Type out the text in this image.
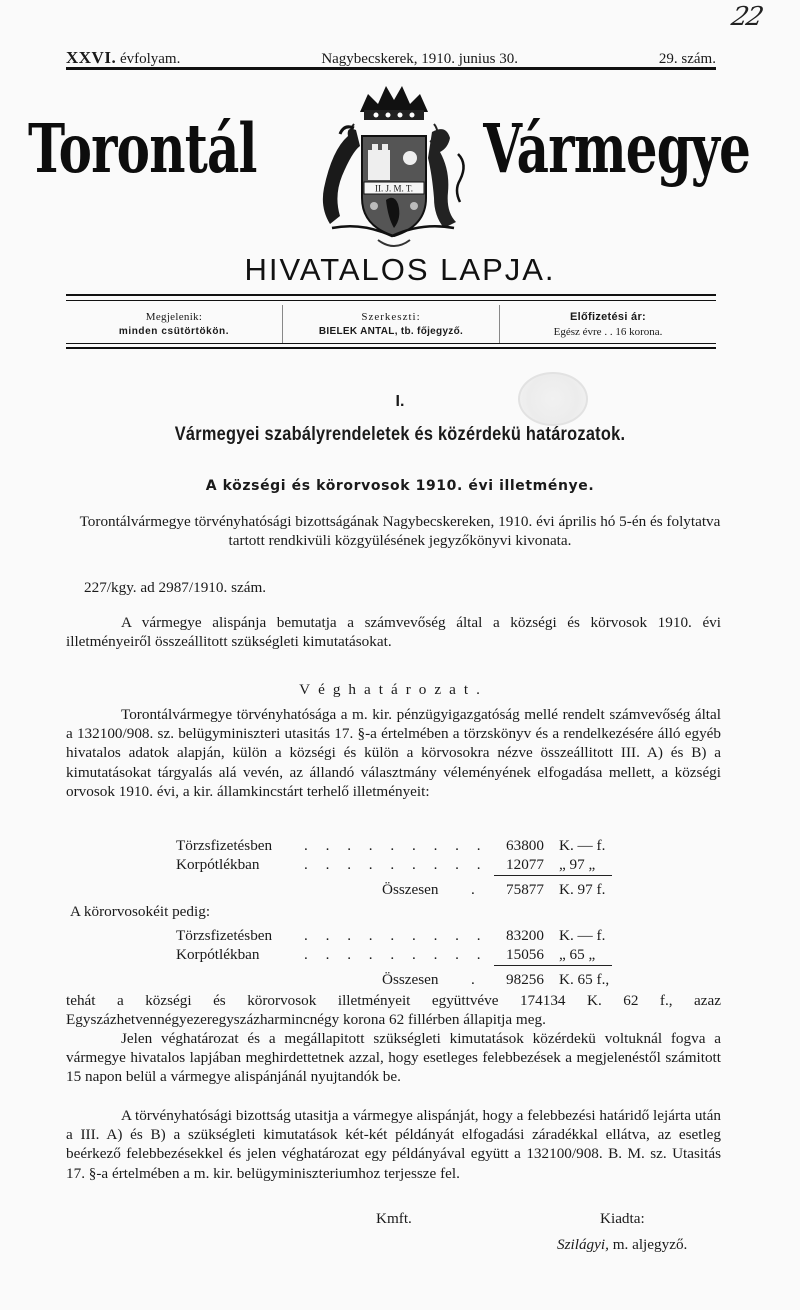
22
XXVI. évfolyam.	Nagybecskerek, 1910. junius 30.	29. szám.
Torontál	II. J. M. T. Vármegye
HIVATALOS LAPJA.
Megjelenik:
minden csütörtökön.
Szerkeszti:
BIELEK ANTAL, tb. főjegyző.
Előfizetési ár:
Egész évre . . 16 korona.
I.
Vármegyei szabályrendeletek és közérdekü határozatok.
A községi és körorvosok 1910. évi illetménye.

Torontálvármegye törvényhatósági bizottságának Nagybecskereken, 1910. évi április hó 5-én és folytatva tartott rendkivüli közgyülésének jegyzőkönyvi kivonata.

227/kgy. ad 2987/1910. szám.

A vármegye alispánja bemutatja a számvevőség által a községi és körvosok 1910. évi illetményeiről összeállitott szükségleti kimutatásokat.

Véghatározat.

Torontálvármegye törvényhatósága a m. kir. pénzügyigazgatóság mellé rendelt számvevőség által a 132100/908. sz. belügyminiszteri utasitás 17. §-a értelmében a törzskönyv és a rendelkezésére álló egyéb hivatalos adatok alapján, külön a községi és külön a körvosokra nézve összeállitott III. A) és B) a kimutatásokat tárgyalás alá vevén, az állandó választmány véleményének elfogadása mellett, a községi orvosok 1910. évi, a kir. államkincstárt terhelő illetményeit:

Törzsfizetésben . . . . . . . . . 63800 K. — f.
Korpótlékban	. . . . . . . . . 12077 „ 97 „
Összesen . 75877 K. 97 f.

A körorvosokéit pedig:

Törzsfizetésben . . . . . . . . . 83200 K. — f.
Korpótlékban	. . . . . . . . . 15056 „ 65 „
Összesen . 98256 K. 65 f.,

tehát a községi és körorvosok illetményeit együttvéve 174134 K. 62 f., azaz Egyszázhetvennégyezeregyszázharmincnégy korona 62 fillérben állapitja meg.

Jelen véghatározat és a megállapitott szükségleti kimutatások közérdekü voltuknál fogva a vármegye hivatalos lapjában meghirdettetnek azzal, hogy esetleges felebbezések a megjelenéstől számitott 15 napon belül a vármegye alispánjánál nyujtandók be.

A törvényhatósági bizottság utasitja a vármegye alispánját, hogy a felebbezési határidő lejárta után a III. A) és B) a szükségleti kimutatások két-két példányát elfogadási záradékkal ellátva, az esetleg beérkező felebbezésekkel és jelen véghatározat egy példányával együtt a 132100/908. B. M. sz. Utasitás 17. §-a értelmében a m. kir. belügyminiszteriumhoz terjessze fel.

Kmft.	Kiadta:
Szilágyi, m. aljegyző.
